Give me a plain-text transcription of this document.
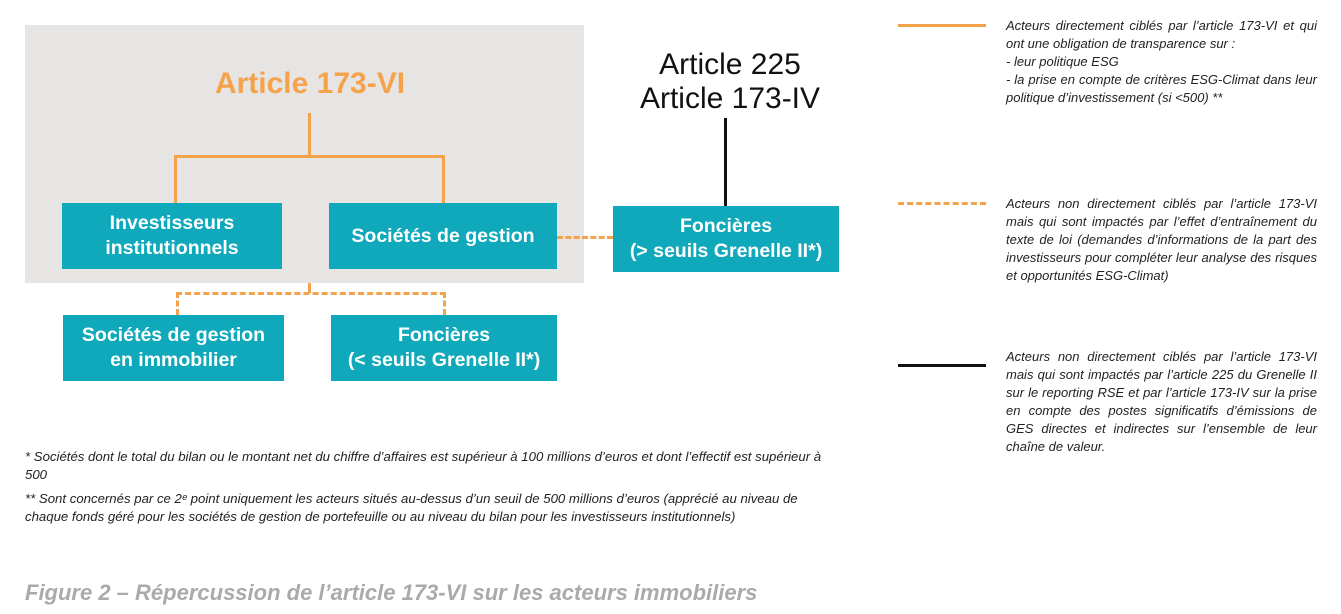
Article 173-VI
Article 225
Article 173-IV
Investisseurs
institutionnels
Sociétés de gestion	Foncières
(> seuils Grenelle II*)
Sociétés de gestion
en immobilier
Foncières
(< seuils Grenelle II*)
Acteurs directement ciblés par l’article 173-VI et qui ont une obligation de transparence sur :
- leur politique ESG
- la prise en compte de critères ESG-Climat dans leur politique d’investissement (si <500) **
Acteurs non directement ciblés par l’article 173-VI mais qui sont impactés par l’effet d’entraînement du texte de loi (demandes d’informations de la part des investisseurs pour compléter leur analyse des risques et opportunités ESG-Climat)
Acteurs non directement ciblés par l’article 173-VI mais qui sont impactés par l’article 225 du Grenelle II sur le reporting RSE et par l’article 173-IV sur la prise en compte des postes significatifs d’émissions de GES directes et indirectes sur l’ensemble de leur chaîne de valeur.
* Sociétés dont le total du bilan ou le montant net du chiffre d’affaires est supérieur à 100 millions d’euros et dont l’effectif est supérieur à 500
** Sont concernés par ce 2ᵉ point uniquement les acteurs situés au-dessus d’un seuil de 500 millions d’euros (apprécié au niveau de chaque fonds géré pour les sociétés de gestion de portefeuille ou au niveau du bilan pour les investisseurs institutionnels)
Figure 2 – Répercussion de l’article 173-VI sur les acteurs immobiliers
